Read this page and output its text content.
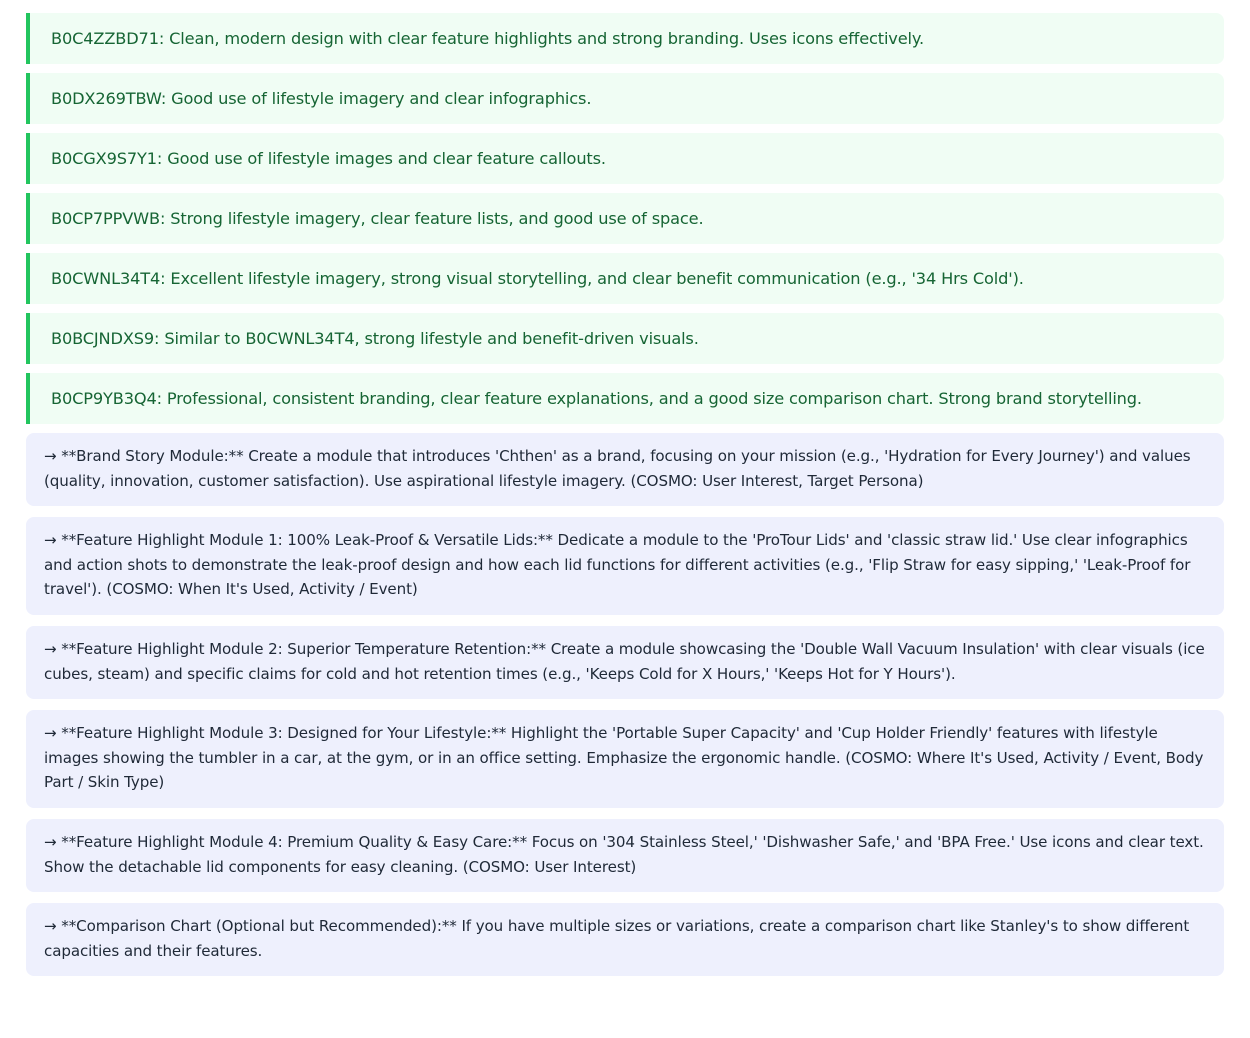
B0C4ZZBD71: Clean, modern design with clear feature highlights and strong branding. Uses icons effectively.
B0DX269TBW: Good use of lifestyle imagery and clear infographics.
B0CGX9S7Y1: Good use of lifestyle images and clear feature callouts.
B0CP7PPVWB: Strong lifestyle imagery, clear feature lists, and good use of space.
B0CWNL34T4: Excellent lifestyle imagery, strong visual storytelling, and clear benefit communication (e.g., '34 Hrs Cold').
B0BCJNDXS9: Similar to B0CWNL34T4, strong lifestyle and benefit-driven visuals.
B0CP9YB3Q4: Professional, consistent branding, clear feature explanations, and a good size comparison chart. Strong brand storytelling.
→ **Brand Story Module:** Create a module that introduces 'Chthen' as a brand, focusing on your mission (e.g., 'Hydration for Every Journey') and values (quality, innovation, customer satisfaction). Use aspirational lifestyle imagery. (COSMO: User Interest, Target Persona)
→ **Feature Highlight Module 1: 100% Leak-Proof & Versatile Lids:** Dedicate a module to the 'ProTour Lids' and 'classic straw lid.' Use clear infographics and action shots to demonstrate the leak-proof design and how each lid functions for different activities (e.g., 'Flip Straw for easy sipping,' 'Leak-Proof for travel'). (COSMO: When It's Used, Activity / Event)
→ **Feature Highlight Module 2: Superior Temperature Retention:** Create a module showcasing the 'Double Wall Vacuum Insulation' with clear visuals (ice cubes, steam) and specific claims for cold and hot retention times (e.g., 'Keeps Cold for X Hours,' 'Keeps Hot for Y Hours').
→ **Feature Highlight Module 3: Designed for Your Lifestyle:** Highlight the 'Portable Super Capacity' and 'Cup Holder Friendly' features with lifestyle images showing the tumbler in a car, at the gym, or in an office setting. Emphasize the ergonomic handle. (COSMO: Where It's Used, Activity / Event, Body Part / Skin Type)
→ **Feature Highlight Module 4: Premium Quality & Easy Care:** Focus on '304 Stainless Steel,' 'Dishwasher Safe,' and 'BPA Free.' Use icons and clear text. Show the detachable lid components for easy cleaning. (COSMO: User Interest)
→ **Comparison Chart (Optional but Recommended):** If you have multiple sizes or variations, create a comparison chart like Stanley's to show different capacities and their features.
